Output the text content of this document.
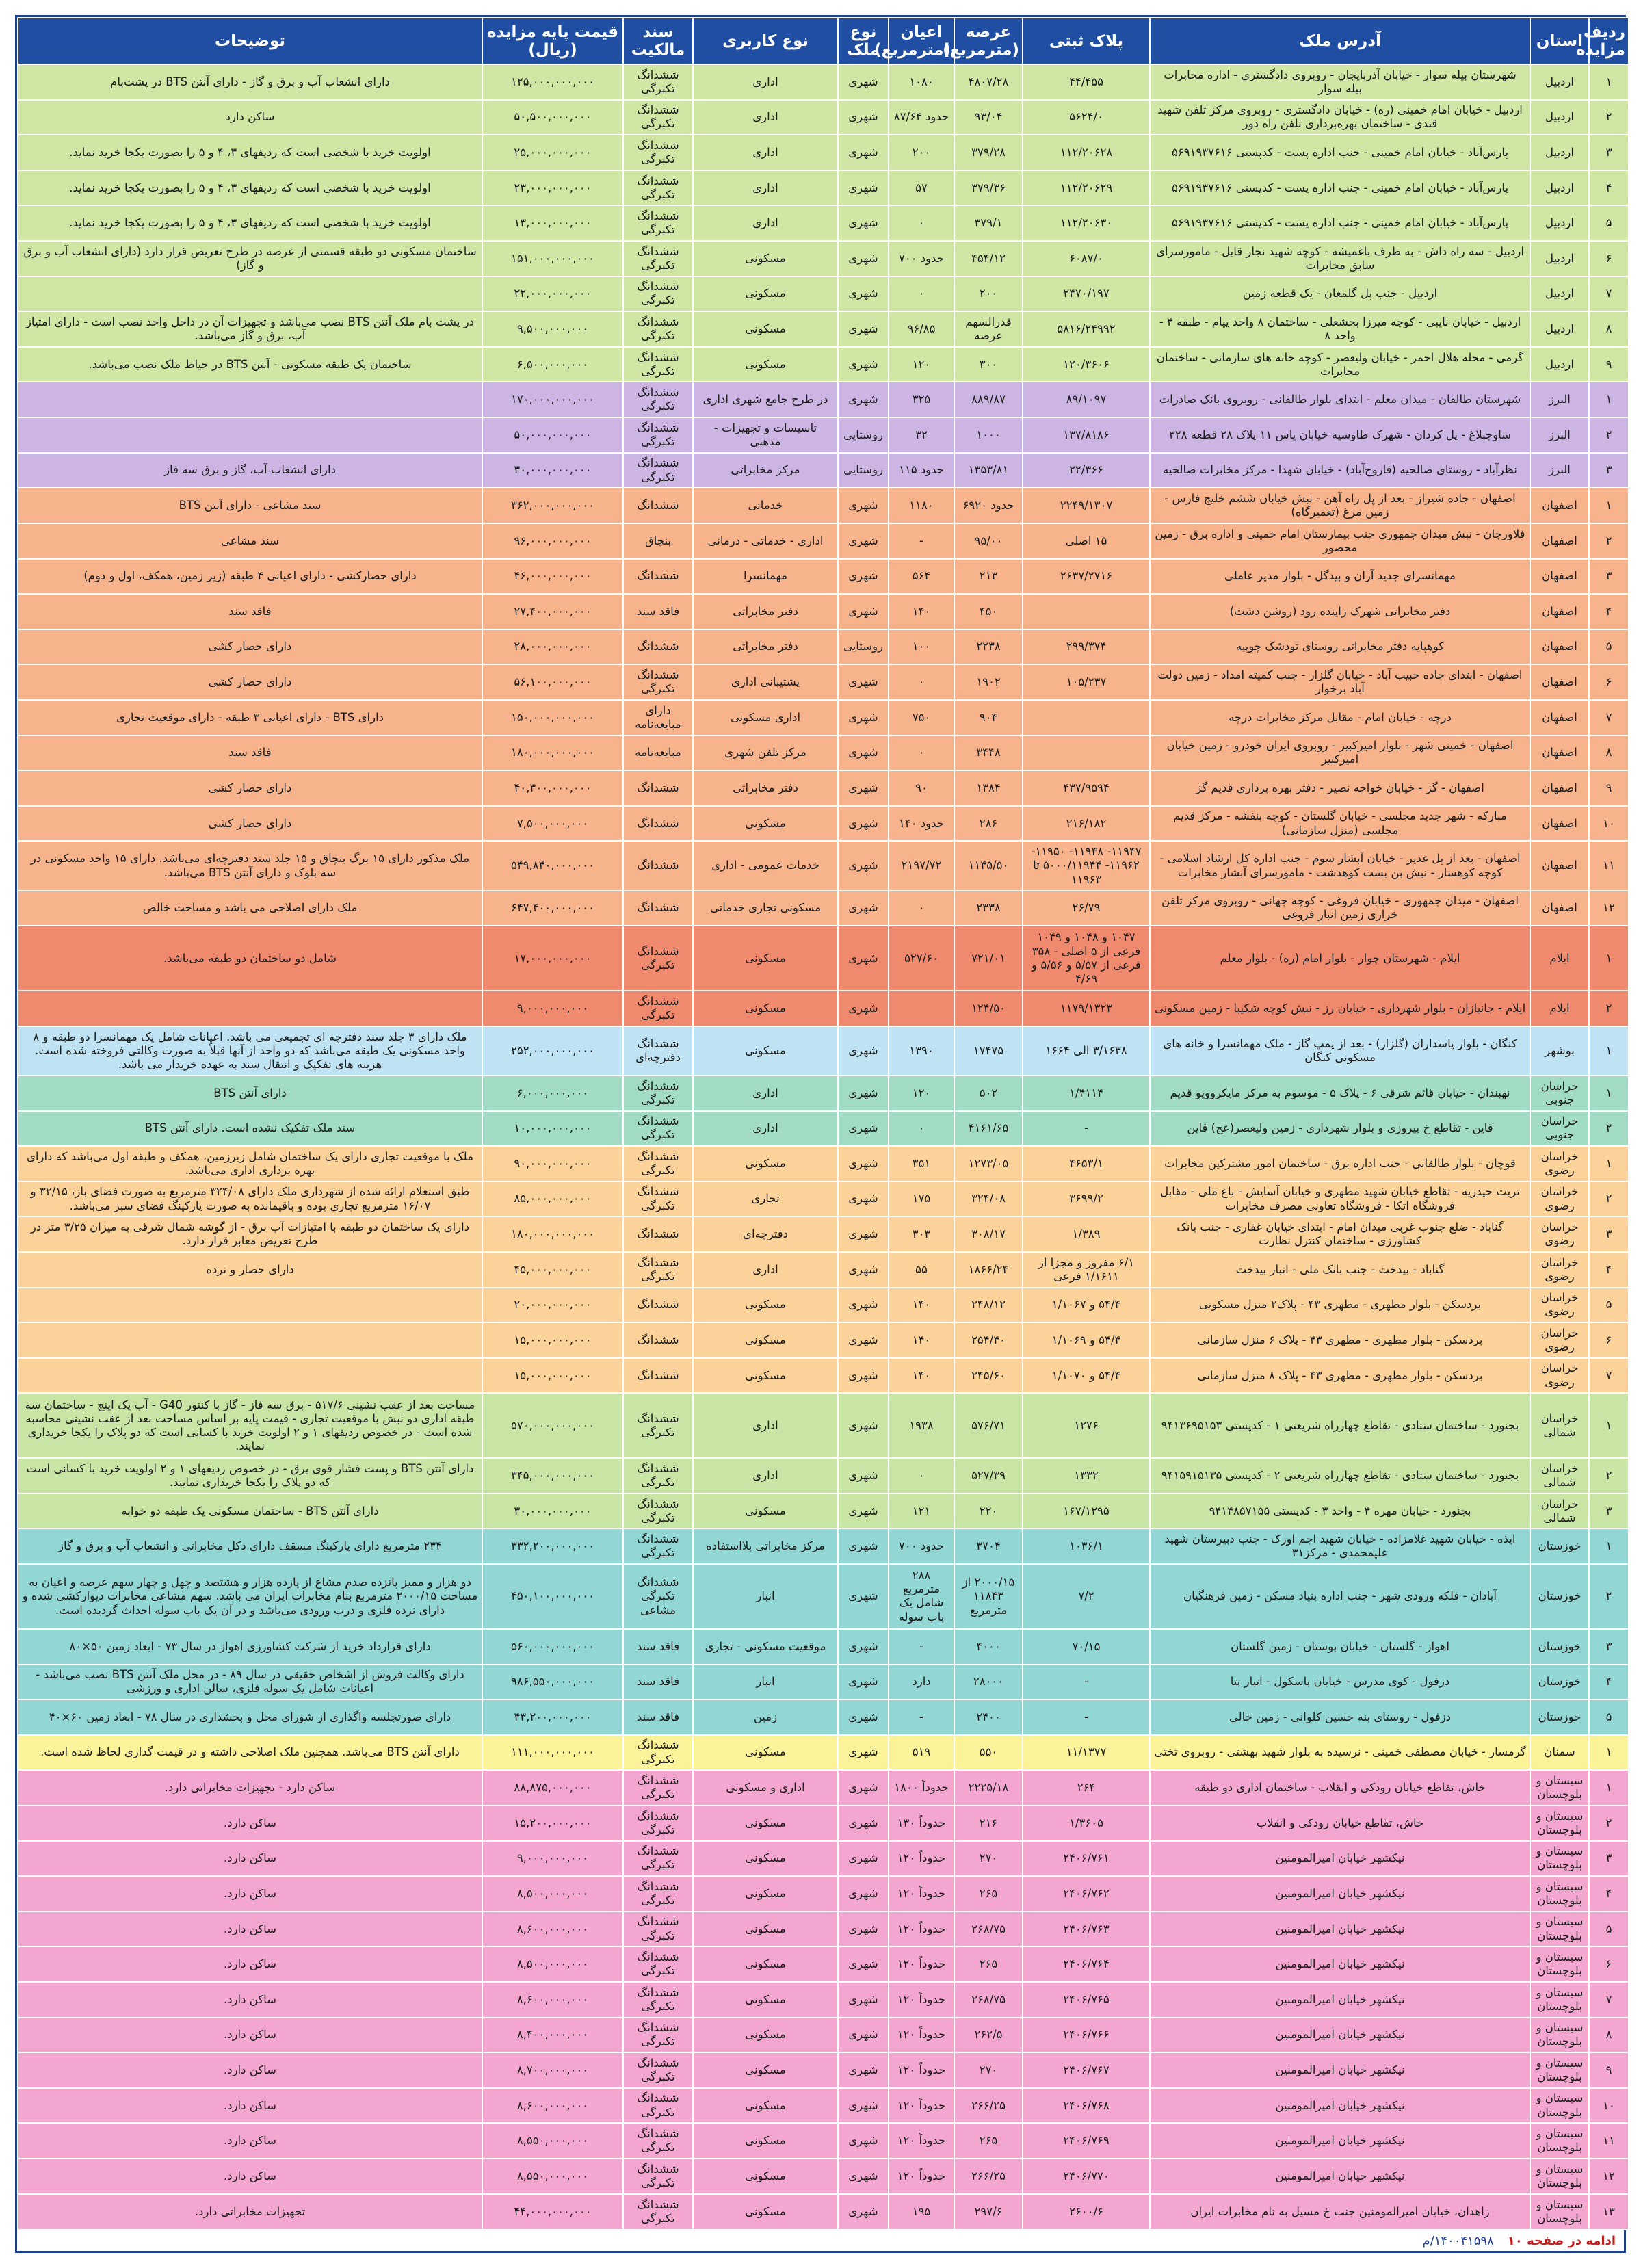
ردیف مزایده	استان	آدرس ملک	پلاک ثبتی	عرصه (مترمربع)	اعیان (مترمربع)	نوع ملک	نوع کاربری	سند مالکیت	قیمت پایه مزایده (ریال)	توضیحات
۱	اردبیل	شهرستان بیله سوار - خیابان آذربایجان - روبروی دادگستری - اداره مخابرات بیله سوار	۴۴/۴۵۵	۴۸۰۷/۲۸	۱۰۸۰	شهری	اداری	ششدانگ تکبرگی	۱۲۵,۰۰۰,۰۰۰,۰۰۰	دارای انشعاب آب و برق و گاز - دارای آنتن BTS در پشت‌بام
۲	اردبیل	اردبیل - خیابان امام خمینی (ره) - خیابان دادگستری - روبروی مرکز تلفن شهید قندی - ساختمان بهره‌برداری تلفن راه دور	۵۶۲۴/۰	۹۳/۰۴	حدود ۸۷/۶۴	شهری	اداری	ششدانگ تکبرگی	۵۰,۵۰۰,۰۰۰,۰۰۰	ساکن دارد
۳	اردبیل	پارس‌آباد - خیابان امام خمینی - جنب اداره پست - کدپستی ۵۶۹۱۹۳۷۶۱۶	۱۱۲/۲۰۶۲۸	۳۷۹/۲۸	۲۰۰	شهری	اداری	ششدانگ تکبرگی	۲۵,۰۰۰,۰۰۰,۰۰۰	اولویت خرید با شخصی است که ردیفهای ۳، ۴ و ۵ را بصورت یکجا خرید نماید.
۴	اردبیل	پارس‌آباد - خیابان امام خمینی - جنب اداره پست - کدپستی ۵۶۹۱۹۳۷۶۱۶	۱۱۲/۲۰۶۲۹	۳۷۹/۳۶	۵۷	شهری	اداری	ششدانگ تکبرگی	۲۳,۰۰۰,۰۰۰,۰۰۰	اولویت خرید با شخصی است که ردیفهای ۳، ۴ و ۵ را بصورت یکجا خرید نماید.
۵	اردبیل	پارس‌آباد - خیابان امام خمینی - جنب اداره پست - کدپستی ۵۶۹۱۹۳۷۶۱۶	۱۱۲/۲۰۶۳۰	۳۷۹/۱	۰	شهری	اداری	ششدانگ تکبرگی	۱۳,۰۰۰,۰۰۰,۰۰۰	اولویت خرید با شخصی است که ردیفهای ۳، ۴ و ۵ را بصورت یکجا خرید نماید.
۶	اردبیل	اردبیل - سه راه داش - به طرف باغمیشه - کوچه شهید نجار قابل - مامورسرای سابق مخابرات	۶۰۸۷/۰	۴۵۴/۱۲	حدود ۷۰۰	شهری	مسکونی	ششدانگ تکبرگی	۱۵۱,۰۰۰,۰۰۰,۰۰۰	ساختمان مسکونی دو طبقه قسمتی از عرصه در طرح تعریض قرار دارد (دارای انشعاب آب و برق و گاز)
۷	اردبیل	اردبیل - جنب پل گلمغان - یک قطعه زمین	۲۴۷۰/۱۹۷	۲۰۰	۰	شهری	مسکونی	ششدانگ تکبرگی	۲۲,۰۰۰,۰۰۰,۰۰۰	
۸	اردبیل	اردبیل - خیابان نایبی - کوچه میرزا بخشعلی - ساختمان ۸ واحد پیام - طبقه ۴ - واحد ۸	۵۸۱۶/۲۴۹۹۲	قدرالسهم عرصه	۹۶/۸۵	شهری	مسکونی	ششدانگ تکبرگی	۹,۵۰۰,۰۰۰,۰۰۰	در پشت بام ملک آنتن BTS نصب می‌باشد و تجهیزات آن در داخل واحد نصب است - دارای امتیاز آب، برق و گاز می‌باشد.
۹	اردبیل	گرمی - محله هلال احمر - خیابان ولیعصر - کوچه خانه های سازمانی - ساختمان مخابرات	۱۲۰/۳۶۰۶	۳۰۰	۱۲۰	شهری	مسکونی	ششدانگ تکبرگی	۶,۵۰۰,۰۰۰,۰۰۰	ساختمان یک طبقه مسکونی - آنتن BTS در حیاط ملک نصب می‌باشد.
۱	البرز	شهرستان طالقان - میدان معلم - ابتدای بلوار طالقانی - روبروی بانک صادرات	۸۹/۱۰۹۷	۸۸۹/۸۷	۳۲۵	شهری	در طرح جامع شهری اداری	ششدانگ تکبرگی	۱۷۰,۰۰۰,۰۰۰,۰۰۰	
۲	البرز	ساوجبلاغ - پل کردان - شهرک طاوسیه خیابان یاس ۱۱ پلاک ۲۸ قطعه ۳۲۸	۱۳۷/۸۱۸۶	۱۰۰۰	۳۲	روستایی	تاسیسات و تجهیزات - مذهبی	ششدانگ تکبرگی	۵۰,۰۰۰,۰۰۰,۰۰۰	
۳	البرز	نظرآباد - روستای صالحیه (فاروج‌آباد) - خیابان شهدا - مرکز مخابرات صالحیه	۲۲/۳۶۶	۱۳۵۳/۸۱	حدود ۱۱۵	روستایی	مرکز مخابراتی	ششدانگ تکبرگی	۳۰,۰۰۰,۰۰۰,۰۰۰	دارای انشعاب آب، گاز و برق سه فاز
۱	اصفهان	اصفهان - جاده شیراز - بعد از پل راه آهن - نبش خیابان ششم خلیج فارس - زمین مرغ (تعمیرگاه)	۲۲۴۹/۱۳۰۷	حدود ۶۹۲۰	۱۱۸۰	شهری	خدماتی	ششدانگ	۳۶۲,۰۰۰,۰۰۰,۰۰۰	سند مشاعی - دارای آنتن BTS
۲	اصفهان	فلاورجان - نبش میدان جمهوری جنب بیمارستان امام خمینی و اداره برق - زمین محصور	۱۵ اصلی	۹۵/۰۰	-	شهری	اداری - خدماتی - درمانی	بنچاق	۹۶,۰۰۰,۰۰۰,۰۰۰	سند مشاعی
۳	اصفهان	مهمانسرای جدید آران و بیدگل - بلوار مدیر عاملی	۲۶۳۷/۲۷۱۶	۲۱۳	۵۶۴	شهری	مهمانسرا	ششدانگ	۴۶,۰۰۰,۰۰۰,۰۰۰	دارای حصارکشی - دارای اعیانی ۴ طبقه (زیر زمین، همکف، اول و دوم)
۴	اصفهان	دفتر مخابراتی شهرک زاینده رود (روشن دشت)		۴۵۰	۱۴۰	شهری	دفتر مخابراتی	فاقد سند	۲۷,۴۰۰,۰۰۰,۰۰۰	فاقد سند
۵	اصفهان	کوهپایه دفتر مخابراتی روستای تودشک چوپیه	۲۹۹/۳۷۴	۲۲۳۸	۱۰۰	روستایی	دفتر مخابراتی	ششدانگ	۲۸,۰۰۰,۰۰۰,۰۰۰	دارای حصار کشی
۶	اصفهان	اصفهان - ابتدای جاده حبیب آباد - خیابان گلزار - جنب کمیته امداد - زمین دولت آباد برخوار	۱۰۵/۲۳۷	۱۹۰۲	۰	شهری	پشتیبانی اداری	ششدانگ تکبرگی	۵۶,۱۰۰,۰۰۰,۰۰۰	دارای حصار کشی
۷	اصفهان	درچه - خیابان امام - مقابل مرکز مخابرات درچه		۹۰۴	۷۵۰	شهری	اداری مسکونی	دارای مبایعه‌نامه	۱۵۰,۰۰۰,۰۰۰,۰۰۰	دارای BTS - دارای اعیانی ۳ طبقه - دارای موقعیت تجاری
۸	اصفهان	اصفهان - خمینی شهر - بلوار امیرکبیر - روبروی ایران خودرو - زمین خیابان امیرکبیر		۳۴۴۸	۰	شهری	مرکز تلفن شهری	مبایعه‌نامه	۱۸۰,۰۰۰,۰۰۰,۰۰۰	فاقد سند
۹	اصفهان	اصفهان - گز - خیابان خواجه نصیر - دفتر بهره برداری قدیم گز	۴۳۷/۹۵۹۴	۱۳۸۴	۹۰	شهری	دفتر مخابراتی	ششدانگ	۴۰,۳۰۰,۰۰۰,۰۰۰	دارای حصار کشی
۱۰	اصفهان	مبارکه - شهر جدید مجلسی - خیابان گلستان - کوچه بنفشه - مرکز قدیم مجلسی (منزل سازمانی)	۲۱۶/۱۸۲	۲۸۶	حدود ۱۴۰	شهری	مسکونی	ششدانگ	۷,۵۰۰,۰۰۰,۰۰۰	دارای حصار کشی
۱۱	اصفهان	اصفهان - بعد از پل غدیر - خیابان آبشار سوم - جنب اداره کل ارشاد اسلامی - کوچه کوهسار - نبش بن بست کوهدشت - مامورسرای آبشار مخابرات	۱۱۹۴۷- ۱۱۹۴۸- ۱۱۹۵۰- ۱۱۹۶۲- ۵۰۰۰/۱۱۹۴۴ تا ۱۱۹۶۳	۱۱۴۵/۵۰	۲۱۹۷/۷۲	شهری	خدمات عمومی - اداری	ششدانگ	۵۴۹,۸۴۰,۰۰۰,۰۰۰	ملک مذکور دارای ۱۵ برگ بنچاق و ۱۵ جلد سند دفترچه‌ای می‌باشد. دارای ۱۵ واحد مسکونی در سه بلوک و دارای آنتن BTS می‌باشد.
۱۲	اصفهان	اصفهان - میدان جمهوری - خیابان فروغی - کوچه جهانی - روبروی مرکز تلفن خرازی زمین انبار فروغی	۲۶/۷۹	۲۳۳۸	۰	شهری	مسکونی تجاری خدماتی	ششدانگ	۶۴۷,۴۰۰,۰۰۰,۰۰۰	ملک دارای اصلاحی می باشد و مساحت خالص
۱	ایلام	ایلام - شهرستان چوار - بلوار امام (ره) - بلوار معلم	۱۰۴۷ و ۱۰۴۸ و ۱۰۴۹ فرعی از ۵ اصلی - ۳۵۸ فرعی از ۵/۵۷ و ۵/۵۶ و ۴/۶۹	۷۲۱/۰۱	۵۲۷/۶۰	شهری	مسکونی	ششدانگ تکبرگی	۱۷,۰۰۰,۰۰۰,۰۰۰	شامل دو ساختمان دو طبقه می‌باشد.
۲	ایلام	ایلام - جانبازان - بلوار شهرداری - خیابان رز - نبش کوچه شکیبا - زمین مسکونی	۱۱۷۹/۱۳۲۳	۱۲۴/۵۰		شهری	مسکونی	ششدانگ تکبرگی	۹,۰۰۰,۰۰۰,۰۰۰	
۱	بوشهر	کنگان - بلوار پاسداران (گلزار) - بعد از پمپ گاز - ملک مهمانسرا و خانه های مسکونی کنگان	۳/۱۶۳۸ الی ۱۶۶۴	۱۷۴۷۵	۱۳۹۰	شهری	مسکونی	ششدانگ دفترچه‌ای	۲۵۲,۰۰۰,۰۰۰,۰۰۰	ملک دارای ۳ جلد سند دفترچه ای تجمیعی می باشد. اعیانات شامل یک مهمانسرا دو طبقه و ۸ واحد مسکونی یک طبقه می‌باشد که دو واحد از آنها قبلاً به صورت وکالتی فروخته شده است. هزینه های تفکیک و انتقال سند به عهده خریدار می باشد.
۱	خراسان جنوبی	نهبندان - خیابان قائم شرقی ۶ - پلاک ۵ - موسوم به مرکز مایکروویو قدیم	۱/۴۱۱۴	۵۰۲	۱۲۰	شهری	اداری	ششدانگ تکبرگی	۶,۰۰۰,۰۰۰,۰۰۰	دارای آنتن BTS
۲	خراسان جنوبی	قاین - تقاطع خ پیروزی و بلوار شهرداری - زمین ولیعصر(عج) قاین	-	۴۱۶۱/۶۵	۰	شهری	اداری	ششدانگ تکبرگی	۱۰,۰۰۰,۰۰۰,۰۰۰	سند ملک تفکیک نشده است. دارای آنتن BTS
۱	خراسان رضوی	قوچان - بلوار طالقانی - جنب اداره برق - ساختمان امور مشترکین مخابرات	۴۶۵۳/۱	۱۲۷۳/۰۵	۳۵۱	شهری	مسکونی	ششدانگ تکبرگی	۹۰,۰۰۰,۰۰۰,۰۰۰	ملک با موقعیت تجاری دارای یک ساختمان شامل زیرزمین، همکف و طبقه اول می‌باشد که دارای بهره برداری اداری می‌باشد.
۲	خراسان رضوی	تربت حیدریه - تقاطع خیابان شهید مطهری و خیابان آسایش - باغ ملی - مقابل فروشگاه اتکا - فروشگاه تعاونی مصرف مخابرات	۳۶۹۹/۲	۳۲۴/۰۸	۱۷۵	شهری	تجاری	ششدانگ تکبرگی	۸۵,۰۰۰,۰۰۰,۰۰۰	طبق استعلام ارائه شده از شهرداری ملک دارای ۳۲۴/۰۸ مترمربع به صورت فضای باز، ۳۲/۱۵ و ۱۶/۰۷ مترمربع تجاری بوده و باقیمانده به صورت پارکینگ فضای سبز می‌باشد.
۳	خراسان رضوی	گناباد - ضلع جنوب غربی میدان امام - ابتدای خیابان غفاری - جنب بانک کشاورزی - ساختمان کنترل نظارت	۱/۳۸۹	۳۰۸/۱۷	۳۰۳	شهری	دفترچه‌ای	ششدانگ	۱۸۰,۰۰۰,۰۰۰,۰۰۰	دارای یک ساختمان دو طبقه با امتیازات آب برق - از گوشه شمال شرقی به میزان ۳/۲۵ متر در طرح تعریض معابر قرار دارد.
۴	خراسان رضوی	گناباد - بیدخت - جنب بانک ملی - انبار بیدخت	۶/۱ مفروز و مجزا از ۱/۱۶۱۱ فرعی	۱۸۶۶/۲۴	۵۵	شهری	اداری	ششدانگ تکبرگی	۴۵,۰۰۰,۰۰۰,۰۰۰	دارای حصار و نرده
۵	خراسان رضوی	بردسکن - بلوار مطهری - مطهری ۴۳ - پلاک۲ منزل مسکونی	۵۴/۴ و ۱/۱۰۶۷	۲۴۸/۱۲	۱۴۰	شهری	مسکونی	ششدانگ	۲۰,۰۰۰,۰۰۰,۰۰۰	
۶	خراسان رضوی	بردسکن - بلوار مطهری - مطهری ۴۳ - پلاک ۶ منزل سازمانی	۵۴/۴ و ۱/۱۰۶۹	۲۵۴/۴۰	۱۴۰	شهری	مسکونی	ششدانگ	۱۵,۰۰۰,۰۰۰,۰۰۰	
۷	خراسان رضوی	بردسکن - بلوار مطهری - مطهری ۴۳ - پلاک ۸ منزل سازمانی	۵۴/۴ و ۱/۱۰۷۰	۲۴۵/۶۰	۱۴۰	شهری	مسکونی	ششدانگ	۱۵,۰۰۰,۰۰۰,۰۰۰	
۱	خراسان شمالی	بجنورد - ساختمان ستادی - تقاطع چهارراه شریعتی ۱ - کدپستی ۹۴۱۳۶۹۵۱۵۳	۱۲۷۶	۵۷۶/۷۱	۱۹۳۸	شهری	اداری	ششدانگ تکبرگی	۵۷۰,۰۰۰,۰۰۰,۰۰۰	مساحت بعد از عقب نشینی ۵۱۷/۶ - برق سه فاز - گاز با کنتور G40 - آب یک اینچ - ساختمان سه طبقه اداری دو نبش با موقعیت تجاری - قیمت پایه بر اساس مساحت بعد از عقب نشینی محاسبه شده است - در خصوص ردیفهای ۱ و ۲ اولویت خرید با کسانی است که دو پلاک را یکجا خریداری نمایند.
۲	خراسان شمالی	بجنورد - ساختمان ستادی - تقاطع چهارراه شریعتی ۲ - کدپستی ۹۴۱۵۹۱۵۱۳۵	۱۳۳۲	۵۲۷/۳۹	۰	شهری	اداری	ششدانگ تکبرگی	۳۴۵,۰۰۰,۰۰۰,۰۰۰	دارای آنتن BTS و پست فشار قوی برق - در خصوص ردیفهای ۱ و ۲ اولویت خرید با کسانی است که دو پلاک را یکجا خریداری نمایند.
۳	خراسان شمالی	بجنورد - خیابان مهره ۴ - واحد ۳ - کدپستی ۹۴۱۴۸۵۷۱۵۵	۱۶۷/۱۲۹۵	۲۲۰	۱۲۱	شهری	مسکونی	ششدانگ تکبرگی	۳۰,۰۰۰,۰۰۰,۰۰۰	دارای آنتن BTS - ساختمان مسکونی یک طبقه دو خوابه
۱	خوزستان	ایذه - خیابان شهید غلامزاده - خیابان شهید اجم اورک - جنب دبیرستان شهید علیمحمدی - مرکز۳۱	۱۰۳۶/۱	۳۷۰۴	حدود ۷۰۰	شهری	مرکز مخابراتی بلااستفاده	ششدانگ تکبرگی	۳۳۲,۲۰۰,۰۰۰,۰۰۰	۲۳۴ مترمربع دارای پارکینگ مسقف دارای دکل مخابراتی و انشعاب آب و برق و گاز
۲	خوزستان	آبادان - فلکه ورودی شهر - جنب اداره بنیاد مسکن - زمین فرهنگیان	۷/۲	۲۰۰۰/۱۵ از ۱۱۸۴۳ مترمربع	۲۸۸ مترمربع شامل یک باب سوله	شهری	انبار	ششدانگ تکبرگی مشاعی	۴۵۰,۱۰۰,۰۰۰,۰۰۰	دو هزار و ممیز پانزده صدم مشاع از یازده هزار و هشتصد و چهل و چهار سهم عرصه و اعیان به مساحت ۲۰۰۰/۱۵ مترمربع بنام مخابرات ایران می باشد. سهم مشاعی مخابرات دیوارکشی شده و دارای نرده فلزی و درب ورودی می‌باشد و در آن یک باب سوله احداث گردیده است.
۳	خوزستان	اهواز - گلستان - خیابان بوستان - زمین گلستان	۷۰/۱۵	۴۰۰۰	-	شهری	موقعیت مسکونی - تجاری	فاقد سند	۵۶۰,۰۰۰,۰۰۰,۰۰۰	دارای قرارداد خرید از شرکت کشاورزی اهواز در سال ۷۳ - ابعاد زمین ۵۰×۸۰
۴	خوزستان	دزفول - کوی مدرس - خیابان باسکول - انبار بتا	-	۲۸۰۰۰	دارد	شهری	انبار	فاقد سند	۹۸۶,۵۵۰,۰۰۰,۰۰۰	دارای وکالت فروش از اشخاص حقیقی در سال ۸۹ - در محل ملک آنتن BTS نصب می‌باشد - اعیانات شامل یک سوله فلزی، سالن اداری و ورزشی
۵	خوزستان	دزفول - روستای بنه حسین کلوانی - زمین خالی	-	۲۴۰۰	-	شهری	زمین	فاقد سند	۴۳,۲۰۰,۰۰۰,۰۰۰	دارای صورتجلسه واگذاری از شورای محل و بخشداری در سال ۷۸ - ابعاد زمین ۶۰×۴۰
۱	سمنان	گرمسار - خیابان مصطفی خمینی - نرسیده به بلوار شهید بهشتی - روبروی تختی	۱۱/۱۳۷۷	۵۵۰	۵۱۹	شهری	مسکونی	ششدانگ تکبرگی	۱۱۱,۰۰۰,۰۰۰,۰۰۰	دارای آنتن BTS می‌باشد. همچنین ملک اصلاحی داشته و در قیمت گذاری لحاظ شده است.
۱	سیستان و بلوچستان	خاش، تقاطع خیابان رودکی و انقلاب - ساختمان اداری دو طبقه	۲۶۴	۲۲۲۵/۱۸	حدوداً ۱۸۰۰	شهری	اداری و مسکونی	ششدانگ تکبرگی	۸۸,۸۷۵,۰۰۰,۰۰۰	ساکن دارد - تجهیزات مخابراتی دارد.
۲	سیستان و بلوچستان	خاش، تقاطع خیابان رودکی و انقلاب	۱/۳۶۰۵	۲۱۶	حدوداً ۱۳۰	شهری	مسکونی	ششدانگ تکبرگی	۱۵,۲۰۰,۰۰۰,۰۰۰	ساکن دارد.
۳	سیستان و بلوچستان	نیکشهر خیابان امیرالمومنین	۲۴۰۶/۷۶۱	۲۷۰	حدوداً ۱۲۰	شهری	مسکونی	ششدانگ تکبرگی	۹,۰۰۰,۰۰۰,۰۰۰	ساکن دارد.
۴	سیستان و بلوچستان	نیکشهر خیابان امیرالمومنین	۲۴۰۶/۷۶۲	۲۶۵	حدوداً ۱۲۰	شهری	مسکونی	ششدانگ تکبرگی	۸,۵۰۰,۰۰۰,۰۰۰	ساکن دارد.
۵	سیستان و بلوچستان	نیکشهر خیابان امیرالمومنین	۲۴۰۶/۷۶۳	۲۶۸/۷۵	حدوداً ۱۲۰	شهری	مسکونی	ششدانگ تکبرگی	۸,۶۰۰,۰۰۰,۰۰۰	ساکن دارد.
۶	سیستان و بلوچستان	نیکشهر خیابان امیرالمومنین	۲۴۰۶/۷۶۴	۲۶۵	حدوداً ۱۲۰	شهری	مسکونی	ششدانگ تکبرگی	۸,۵۰۰,۰۰۰,۰۰۰	ساکن دارد.
۷	سیستان و بلوچستان	نیکشهر خیابان امیرالمومنین	۲۴۰۶/۷۶۵	۲۶۸/۷۵	حدوداً ۱۲۰	شهری	مسکونی	ششدانگ تکبرگی	۸,۶۰۰,۰۰۰,۰۰۰	ساکن دارد.
۸	سیستان و بلوچستان	نیکشهر خیابان امیرالمومنین	۲۴۰۶/۷۶۶	۲۶۲/۵	حدوداً ۱۲۰	شهری	مسکونی	ششدانگ تکبرگی	۸,۴۰۰,۰۰۰,۰۰۰	ساکن دارد.
۹	سیستان و بلوچستان	نیکشهر خیابان امیرالمومنین	۲۴۰۶/۷۶۷	۲۷۰	حدوداً ۱۲۰	شهری	مسکونی	ششدانگ تکبرگی	۸,۷۰۰,۰۰۰,۰۰۰	ساکن دارد.
۱۰	سیستان و بلوچستان	نیکشهر خیابان امیرالمومنین	۲۴۰۶/۷۶۸	۲۶۶/۲۵	حدوداً ۱۲۰	شهری	مسکونی	ششدانگ تکبرگی	۸,۶۰۰,۰۰۰,۰۰۰	ساکن دارد.
۱۱	سیستان و بلوچستان	نیکشهر خیابان امیرالمومنین	۲۴۰۶/۷۶۹	۲۶۵	حدوداً ۱۲۰	شهری	مسکونی	ششدانگ تکبرگی	۸,۵۵۰,۰۰۰,۰۰۰	ساکن دارد.
۱۲	سیستان و بلوچستان	نیکشهر خیابان امیرالمومنین	۲۴۰۶/۷۷۰	۲۶۶/۲۵	حدوداً ۱۲۰	شهری	مسکونی	ششدانگ تکبرگی	۸,۵۵۰,۰۰۰,۰۰۰	ساکن دارد.
۱۳	سیستان و بلوچستان	زاهدان، خیابان امیرالمومنین جنب خ مسیل به نام مخابرات ایران	۲۶۰۰/۶	۲۹۷/۶	۱۹۵	شهری	مسکونی	ششدانگ تکبرگی	۴۴,۰۰۰,۰۰۰,۰۰۰	تجهیزات مخابراتی دارد.
ادامه در صفحه ۱۰
۱۴۰۰۴۱۵۹۸/م
